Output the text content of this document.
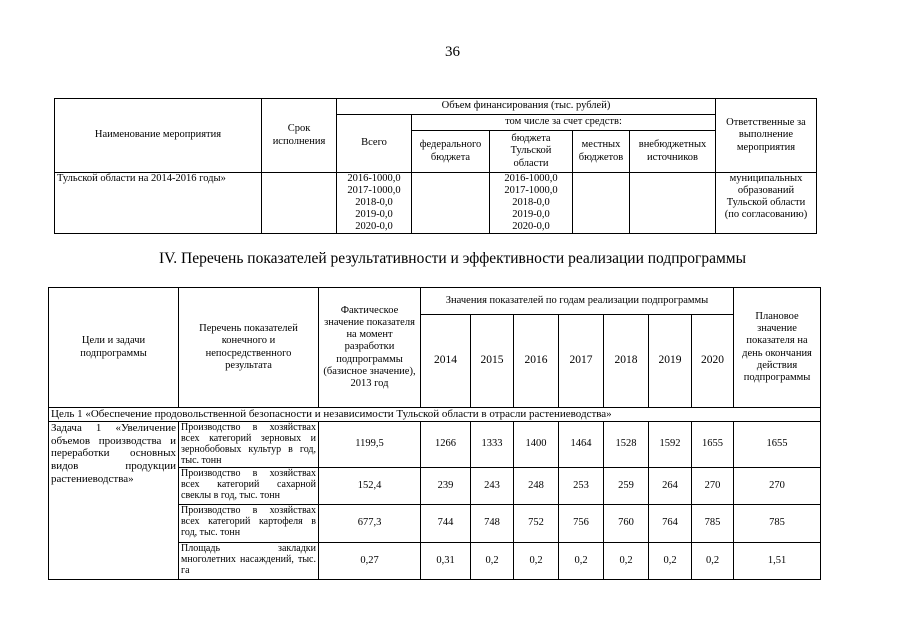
36
Наименование мероприятия	Срок исполнения	Объем финансирования (тыс. рублей)					Ответственные за выполнение мероприятия
		Всего	том числе за счет средств:				
			федерального бюджета	бюджета Тульской области	местных бюджетов	внебюджетных источников	
Тульской области на 2014-2016 годы»		2016-1000,0
2017-1000,0
2018-0,0
2019-0,0
2020-0,0		2016-1000,0
2017-1000,0
2018-0,0
2019-0,0
2020-0,0			муниципальных
образований
Тульской области
(по согласованию)
IV. Перечень показателей результативности и эффективности реализации подпрограммы
Цели и задачи подпрограммы	Перечень показателей конечного и непосредственного результата	Фактическое значение показателя на момент разработки подпрограммы (базисное значение), 2013 год	Значения показателей по годам реализации подпрограммы							Плановое значение показателя на день окончания действия подпрограммы
			2014	2015	2016	2017	2018	2019	2020	
Цель 1 «Обеспечение продовольственной безопасности и независимости Тульской области в отрасли растениеводства»										
Задача 1 «Увеличение объемов производства и переработки основных видов продукции растениеводства»	Производство в хозяйствах всех категорий зерновых и зернобобовых культур в год, тыс. тонн	1199,5	1266	1333	1400	1464	1528	1592	1655	1655
	Производство в хозяйствах всех категорий сахарной свеклы в год, тыс. тонн	152,4	239	243	248	253	259	264	270	270
	Производство в хозяйствах всех категорий картофеля в год, тыс. тонн	677,3	744	748	752	756	760	764	785	785
	Площадь закладки многолетних насаждений, тыс. га	0,27	0,31	0,2	0,2	0,2	0,2	0,2	0,2	1,51
